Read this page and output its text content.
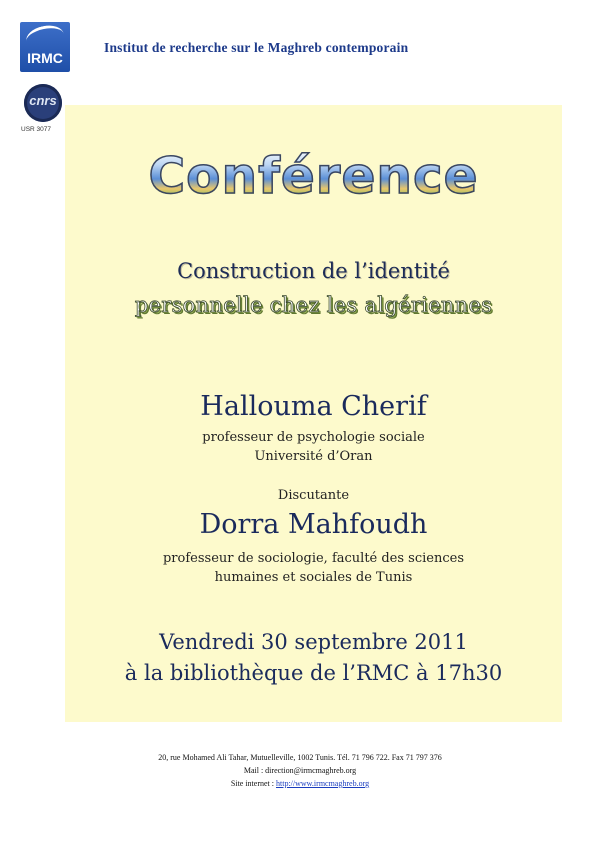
IRMC
Institut de recherche sur le Maghreb contemporain
cnrs
USR 3077
Conférence
Construction de l’identité
personnelle chez les algériennes
Hallouma Cherif
professeur de psychologie sociale
Université d’Oran
Discutante
Dorra Mahfoudh
professeur de sociologie, faculté des sciences
humaines et sociales de Tunis
Vendredi 30 septembre 2011
à la bibliothèque de l’RMC à 17h30
20, rue Mohamed Ali Tahar, Mutuelleville, 1002 Tunis. Tél. 71 796 722. Fax 71 797 376
Mail : direction@irmcmaghreb.org
Site internet : http://www.irmcmaghreb.org
